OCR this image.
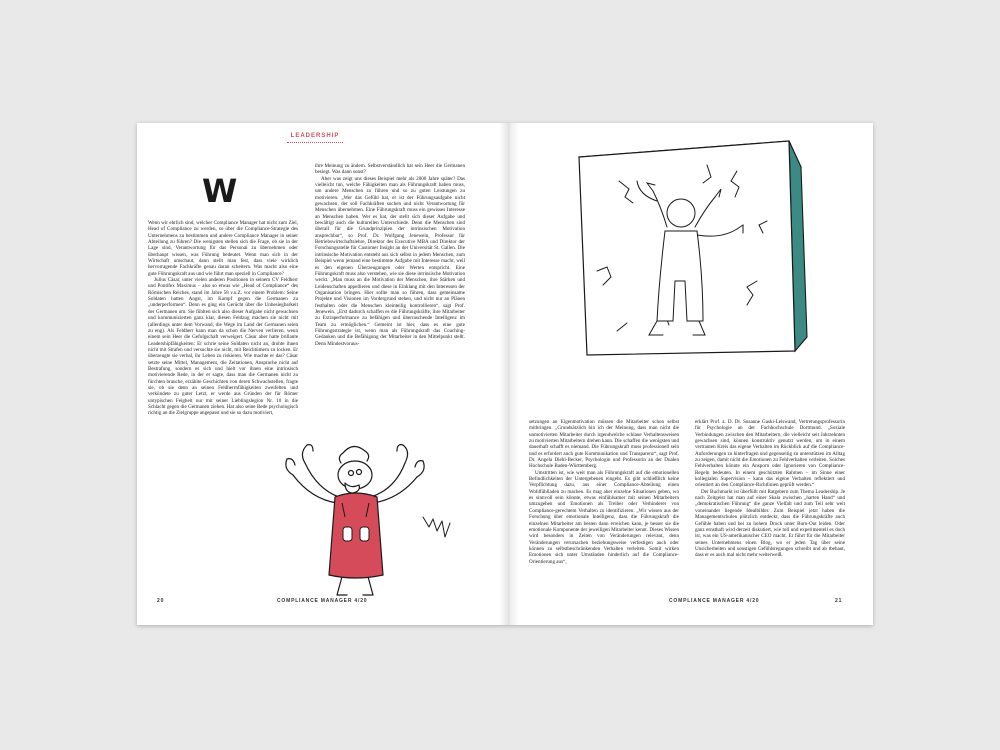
LEADERSHIP
W

Wenn wir ehrlich sind, welcher Compliance Manager hat nicht zum Ziel, Head of Compliance zu werden, so über die Compliance-Strategie des Unternehmens zu bestimmen und andere Compliance Manager in seiner Abteilung zu führen? Die wenigsten stellen sich die Frage, ob sie in der Lage sind, Verantwortung für das Personal zu übernehmen oder überhaupt wissen, was Führung bedeutet. Wenn man sich in der Wirtschaft umschaut, dann stellt man fest, dass viele wirklich hervorragende Fachkräfte genau daran scheitern. Was macht also eine gute Führungskraft aus und wie führt man speziell in Compliance?

Julius Cäsar, unter vielen anderen Positionen in seinem CV Feldherr und Pontifex Maximus – also so etwas wie „Head of Compliance“ des Römischen Reiches, stand im Jahre 58 v.u.Z. vor einem Problem: Seine Soldaten hatten Angst, im Kampf gegen die Germanen zu „underperformen“. Denn es ging ein Gerücht über die Unbesiegbarkeit der Germanen um. Sie fühlten sich also dieser Aufgabe nicht gewachsen und kommunizierten ganz klar, diesen Feldzug machen sie nicht mit (allerdings unter dem Vorwand, die Wege im Land der Germanen seien zu eng). Als Feldherr kann man da schon die Nerven verlieren, wenn einem sein Heer die Gefolgschaft verweigert. Cäsar aber hatte brillante Leadershipfähigkeiten: Er schrie seine Soldaten nicht an, drohte ihnen nicht mit Strafen und versuchte sie nicht, mit Reichtümern zu locken. Er überzeugte sie verbal, ihr Leben zu riskieren. Wie machte er das? Cäsar setzte seine Mittel, Management, die Zeitationen, Ansprache nicht auf Bestrafung, sondern es sich und hielt vor ihnen eine intrinsisch motivierende Rede, in der er sagte, dass man die Germanen nicht zu fürchten brauche, erzählte Geschichten von deren Schwachstellen, fragte sie, ob sie denn an seinen Feldherrnfähigkeiten zweifelten und verkündete zu guter Letzt, er werde aus Gründen der für Römer untypischen Feigheit nur mit seiner Lieblingslegion Nr. 10 in die Schlacht gegen die Germanen ziehen. Hat also seine Rede psychologisch richtig an die Zielgruppe angepasst und sie so dazu motiviert,

ihre Meinung zu ändern. Selbstverständlich hat sein Heer die Germanen besiegt. Was dann sonst?

Aber was zeigt uns dieses Beispiel mehr als 2000 Jahre später? Das vielleicht tun, welche Fähigkeiten man als Führungskraft haben muss, um andere Menschen zu führen und so zu guten Leistungen zu motivieren. „Wer das Gefühl hat, er ist der Führungsaufgabe nicht gewachsen, der soll Fachkräften suchen und nicht Verantwortung für Menschen übernehmen. Eine Führungskraft muss ein gewisses Interesse an Menschen haben. Wer es hat, der stellt sich dieser Aufgabe und bewältigt auch die kulturellen Unterschiede. Denn die Menschen sind überall für die Grundprinzipien der intrinsischen Motivation ansprechbar“, so Prof. Dr. Wolfgang Jenewein, Professor für Betriebswirtschaftslehre, Direktor des Executive MBA und Direktor der Forschungsstelle für Customer Insight an der Universität St. Gallen. Die intrinsische Motivation entsteht aus sich selbst in jedem Menschen, zum Beispiel wenn jemand eine bestimmte Aufgabe mit Interesse macht, weil es den eigenen Überzeugungen oder Werten entspricht. Eine Führungskraft muss also verstehen, wie sie diese intrinsische Motivation weckt. „Man muss an die Motivation der Menschen, ihre Stärken und Leidenschaften appellieren und diese in Einklang mit den Interessen der Organisation bringen. Hier sollte man so führen, dass gemeinsame Projekte und Visionen im Vordergrund stehen, und nicht nur an Plänen festhalten oder die Menschen kleinteilig kontrollieren“, sagt Prof. Jenewein. „Erst dadurch schaffen es die Führungskräfte, ihre Mitarbeiter zu Extraperformance zu befähigen und überraschende Intelligenz im Team zu ermöglichen.“ Gemeint ist hier, dass es eine gute Führungsstrategie ist, wenn man als Führungskraft das Coaching-Gedanken und die Befähigung der Mitarbeiter in den Mittelpunkt stellt. Denn Mindestvoraus-

20	COMPLIANCE MANAGER 4/20

setzungen an Eigenmotivation müssen die Mitarbeiter schon selbst mitbringen. „Grundsätzlich bin ich der Meinung, dass man nicht die unmotivierten Mitarbeiter durch irgendwelche schlaue Verhaltensweisen zu motivierten Mitarbeitern drehen kann. Die schaffen die wenigsten und dauerhaft schafft es niemand. Die Führungskraft muss professionell sein und es erfordert auch gute Kommunikation und Transparenz“, sagt Prof. Dr. Angela Diehl-Becker, Psychologin und Professorin an der Dualen Hochschule Baden-Württemberg.

Umstritten ist, wie weit man als Führungskraft auf die emotionellen Befindlichkeiten der Untergebenen eingeht. Es gibt schließlich keine Verpflichtung dazu, aus einer Compliance-Abteilung einen Wohlfühlladen zu machen. Es mag aber einzelne Situationen geben, wo es sinnvoll sein könnte, etwas einfühlsamer mit seinen Mitarbeitern umzugehen und Emotionen als Treiber oder Verhinderer von Compliance-gerechtem Verhalten zu identifizieren. „Wir wissen aus der Forschung über emotionale Intelligenz, dass die Führungskraft die einzelnen Mitarbeiter am besten dann erreichen kann, je besser sie die emotionale Komponente der jeweiligen Mitarbeiter kennt. Dieses Wissen wird besonders in Zeiten von Veränderungen relevant, denn Veränderungen verursachen beziehungsweise verfestigen auch oder können zu selbstbeschränkenden Verhalten verleiten. Somit wirken Emotionen sich unter Umständen hinderlich auf die Compliance-Orientierung aus“,

erklärt Prof. a. D. Dr. Susanne Gaski-Leiswand, Vertretungsprofessorin für Psychologie an der Fachhochschule Dortmund. „Soziale Verbindungen zwischen den Mitarbeitern, die vielleicht seit Jahrzehnten gewachsen sind, können konstruktiv genutzt werden, um in einem vertrauten Kreis das eigene Verhalten im Rückblick auf die Compliance-Anforderungen zu hinterfragen und gegenseitig zu unterstützen im Alltag zu zeigen, damit nicht die Emotionen zu Fehlverhalten verleiten. Solches Fehlverhalten könnte ein Ansporn oder Ignorieren von Compliance-Regeln bedeuten. In einem geschützten Rahmen – im Sinne einer kollegialen Supervision – kann das eigene Verhalten reflektiert und orientiert an den Compliance-Richtlinien geprüft werden.“

Der Buchmarkt ist überfüllt mit Ratgebern zum Thema Leadership. Je nach Zeitgeist hat man auf einer Skala zwischen „harten Hand“ und „demokratischen Führung“ die ganze Vielfalt und zum Teil sehr weit voneinander liegende Idealbilder. Zum Beispiel jetzt haben die Managementschulen plötzlich entdeckt, dass die Führungskräfte auch Gefühle haben und bei zu hohem Druck unter Burn-Out leiden. Oder ganz ernsthaft wird derzeit diskutiert, wie toll und experimentell es doch ist, was ein US-amerikanischer CEO macht. Er führt für die Mitarbeiter seines Unternehmens einen Blog, wo er jeden Tag über seine Unsicherheiten und sonstigen Gefühlsregungen schreibt und ab tbehaut, dass er es auch mal nicht mehr weiterweiß.

COMPLIANCE MANAGER 4/20	21
